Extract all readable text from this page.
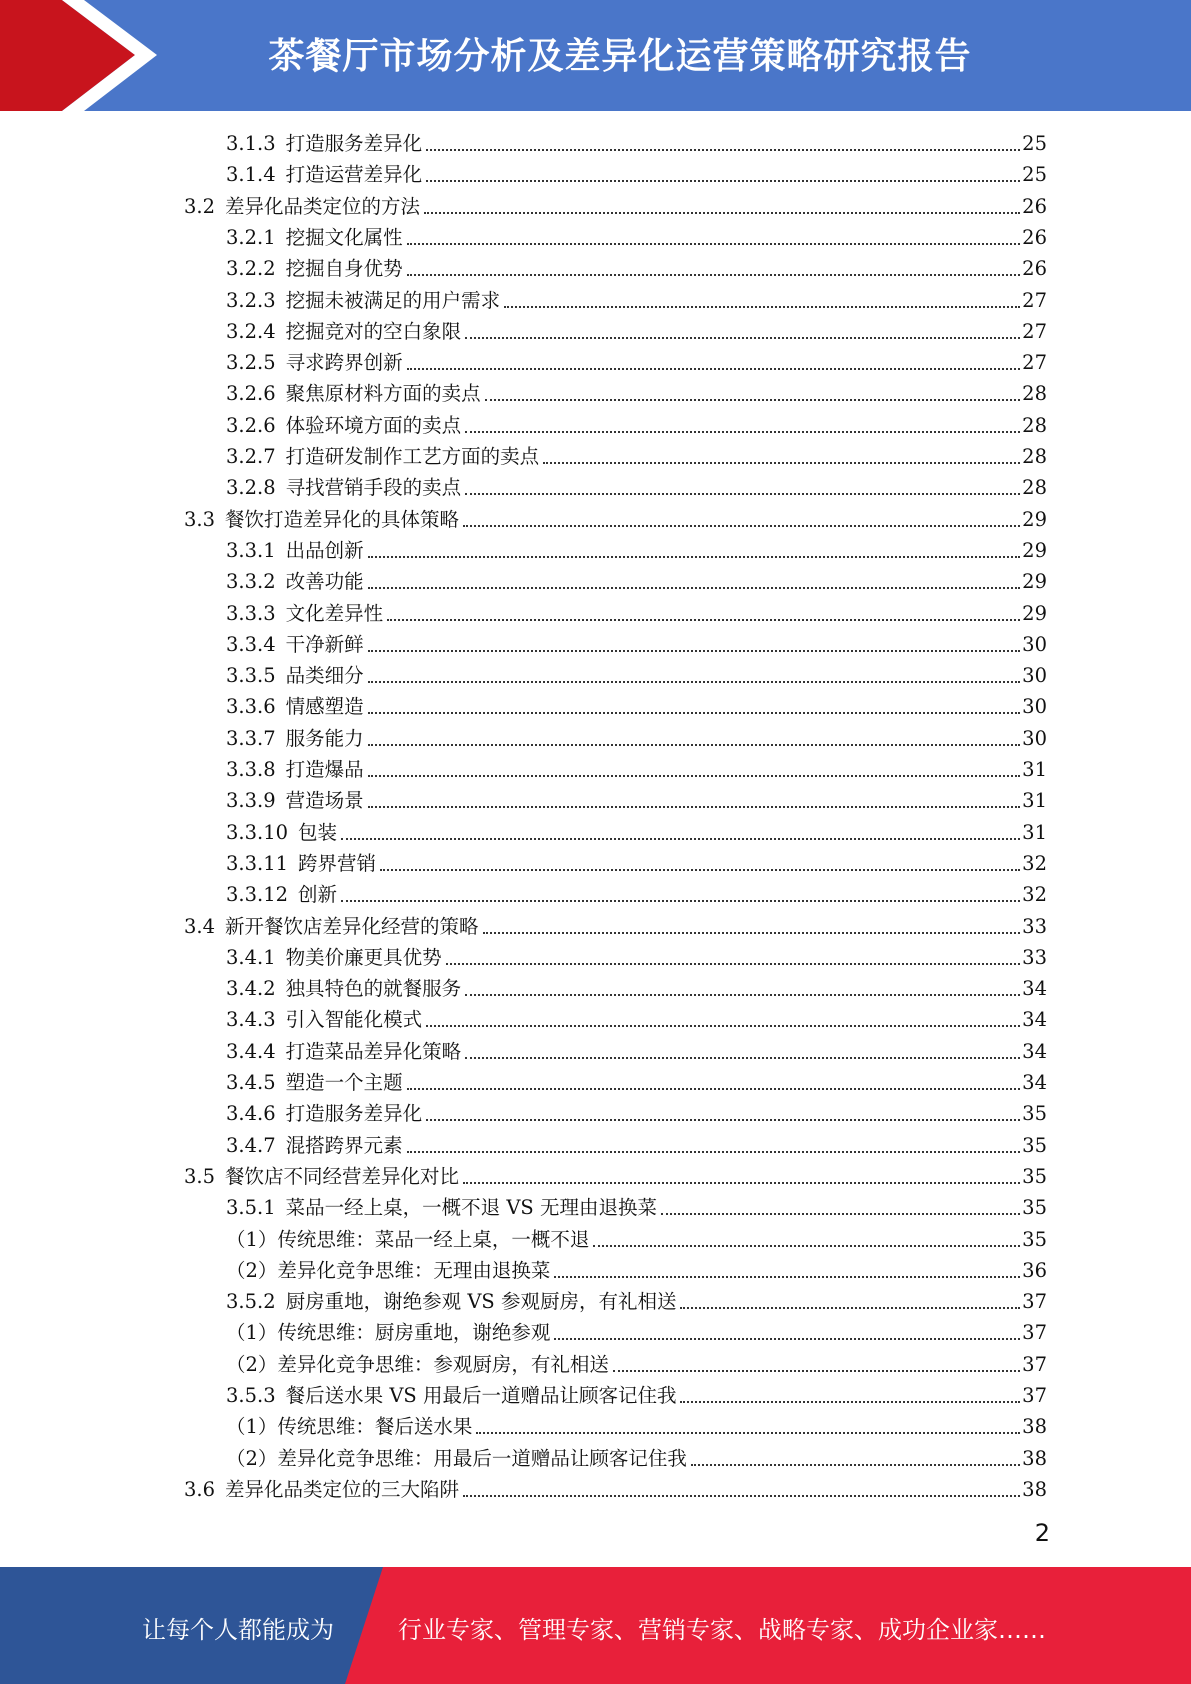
茶餐厅市场分析及差异化运营策略研究报告
3.1.3 打造服务差异化	25
3.1.4 打造运营差异化	25
3.2 差异化品类定位的方法	26
3.2.1 挖掘文化属性	26
3.2.2 挖掘自身优势	26
3.2.3 挖掘未被满足的用户需求	27
3.2.4 挖掘竞对的空白象限	27
3.2.5 寻求跨界创新	27
3.2.6 聚焦原材料方面的卖点	28
3.2.6 体验环境方面的卖点	28
3.2.7 打造研发制作工艺方面的卖点	28
3.2.8 寻找营销手段的卖点	28
3.3 餐饮打造差异化的具体策略	29
3.3.1 出品创新	29
3.3.2 改善功能	29
3.3.3 文化差异性	29
3.3.4 干净新鲜	30
3.3.5 品类细分	30
3.3.6 情感塑造	30
3.3.7 服务能力	30
3.3.8 打造爆品	31
3.3.9 营造场景	31
3.3.10 包装	31
3.3.11 跨界营销	32
3.3.12 创新	32
3.4 新开餐饮店差异化经营的策略	33
3.4.1 物美价廉更具优势	33
3.4.2 独具特色的就餐服务	34
3.4.3 引入智能化模式	34
3.4.4 打造菜品差异化策略	34
3.4.5 塑造一个主题	34
3.4.6 打造服务差异化	35
3.4.7 混搭跨界元素	35
3.5 餐饮店不同经营差异化对比	35
3.5.1 菜品一经上桌，一概不退 VS 无理由退换菜	35
（1）传统思维：菜品一经上桌，一概不退	35
（2）差异化竞争思维：无理由退换菜	36
3.5.2 厨房重地，谢绝参观 VS 参观厨房，有礼相送	37
（1）传统思维：厨房重地，谢绝参观	37
（2）差异化竞争思维：参观厨房，有礼相送	37
3.5.3 餐后送水果 VS 用最后一道赠品让顾客记住我	37
（1）传统思维：餐后送水果	38
（2）差异化竞争思维：用最后一道赠品让顾客记住我	38
3.6 差异化品类定位的三大陷阱	38
2
让每个人都能成为	行业专家、管理专家、营销专家、战略专家、成功企业家……
